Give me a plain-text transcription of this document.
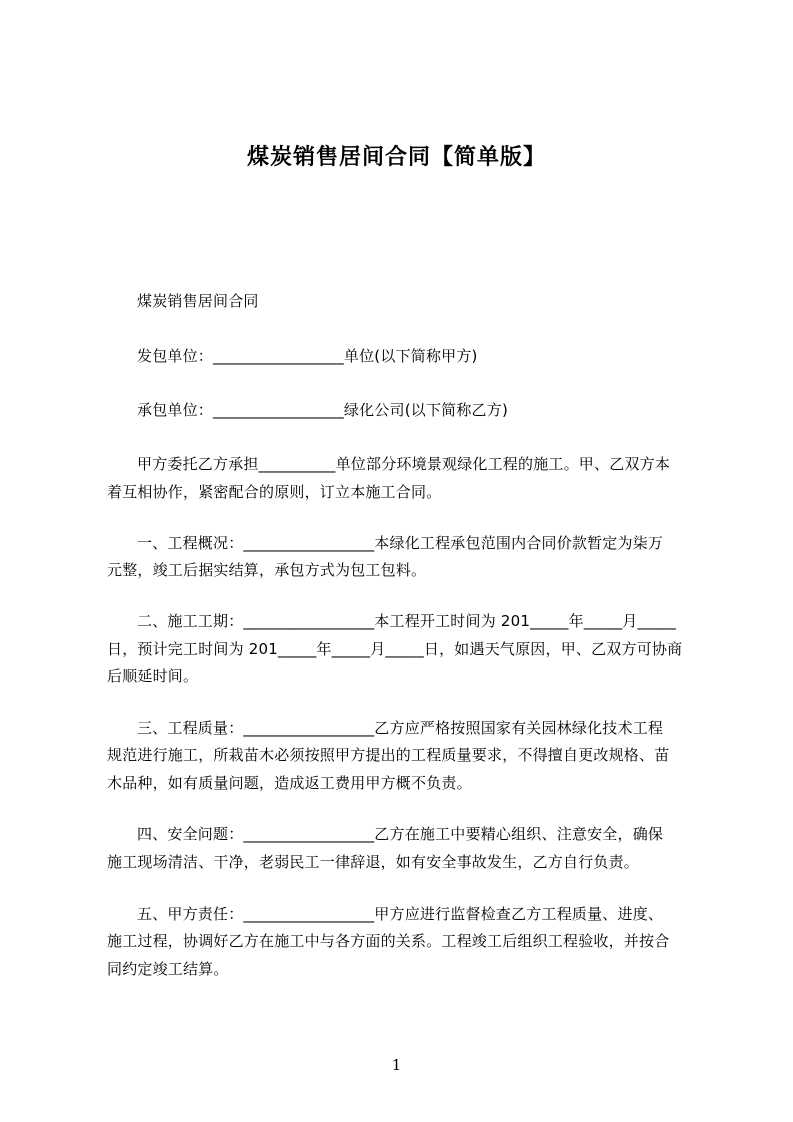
煤炭销售居间合同【简单版】
煤炭销售居间合同
发包单位：_________________单位(以下简称甲方)
承包单位：_________________绿化公司(以下简称乙方)
甲方委托乙方承担__________单位部分环境景观绿化工程的施工。甲、乙双方本
着互相协作，紧密配合的原则，订立本施工合同。
一、工程概况：_________________本绿化工程承包范围内合同价款暂定为柒万
元整，竣工后据实结算，承包方式为包工包料。
二、施工工期：_________________本工程开工时间为 201_____年_____月_____
日，预计完工时间为 201_____年_____月_____日，如遇天气原因，甲、乙双方可协商
后顺延时间。
三、工程质量：_________________乙方应严格按照国家有关园林绿化技术工程
规范进行施工，所栽苗木必须按照甲方提出的工程质量要求，不得擅自更改规格、苗
木品种，如有质量问题，造成返工费用甲方概不负责。
四、安全问题：_________________乙方在施工中要精心组织、注意安全，确保
施工现场清洁、干净，老弱民工一律辞退，如有安全事故发生，乙方自行负责。
五、甲方责任：_________________甲方应进行监督检查乙方工程质量、进度、
施工过程，协调好乙方在施工中与各方面的关系。工程竣工后组织工程验收，并按合
同约定竣工结算。
1
